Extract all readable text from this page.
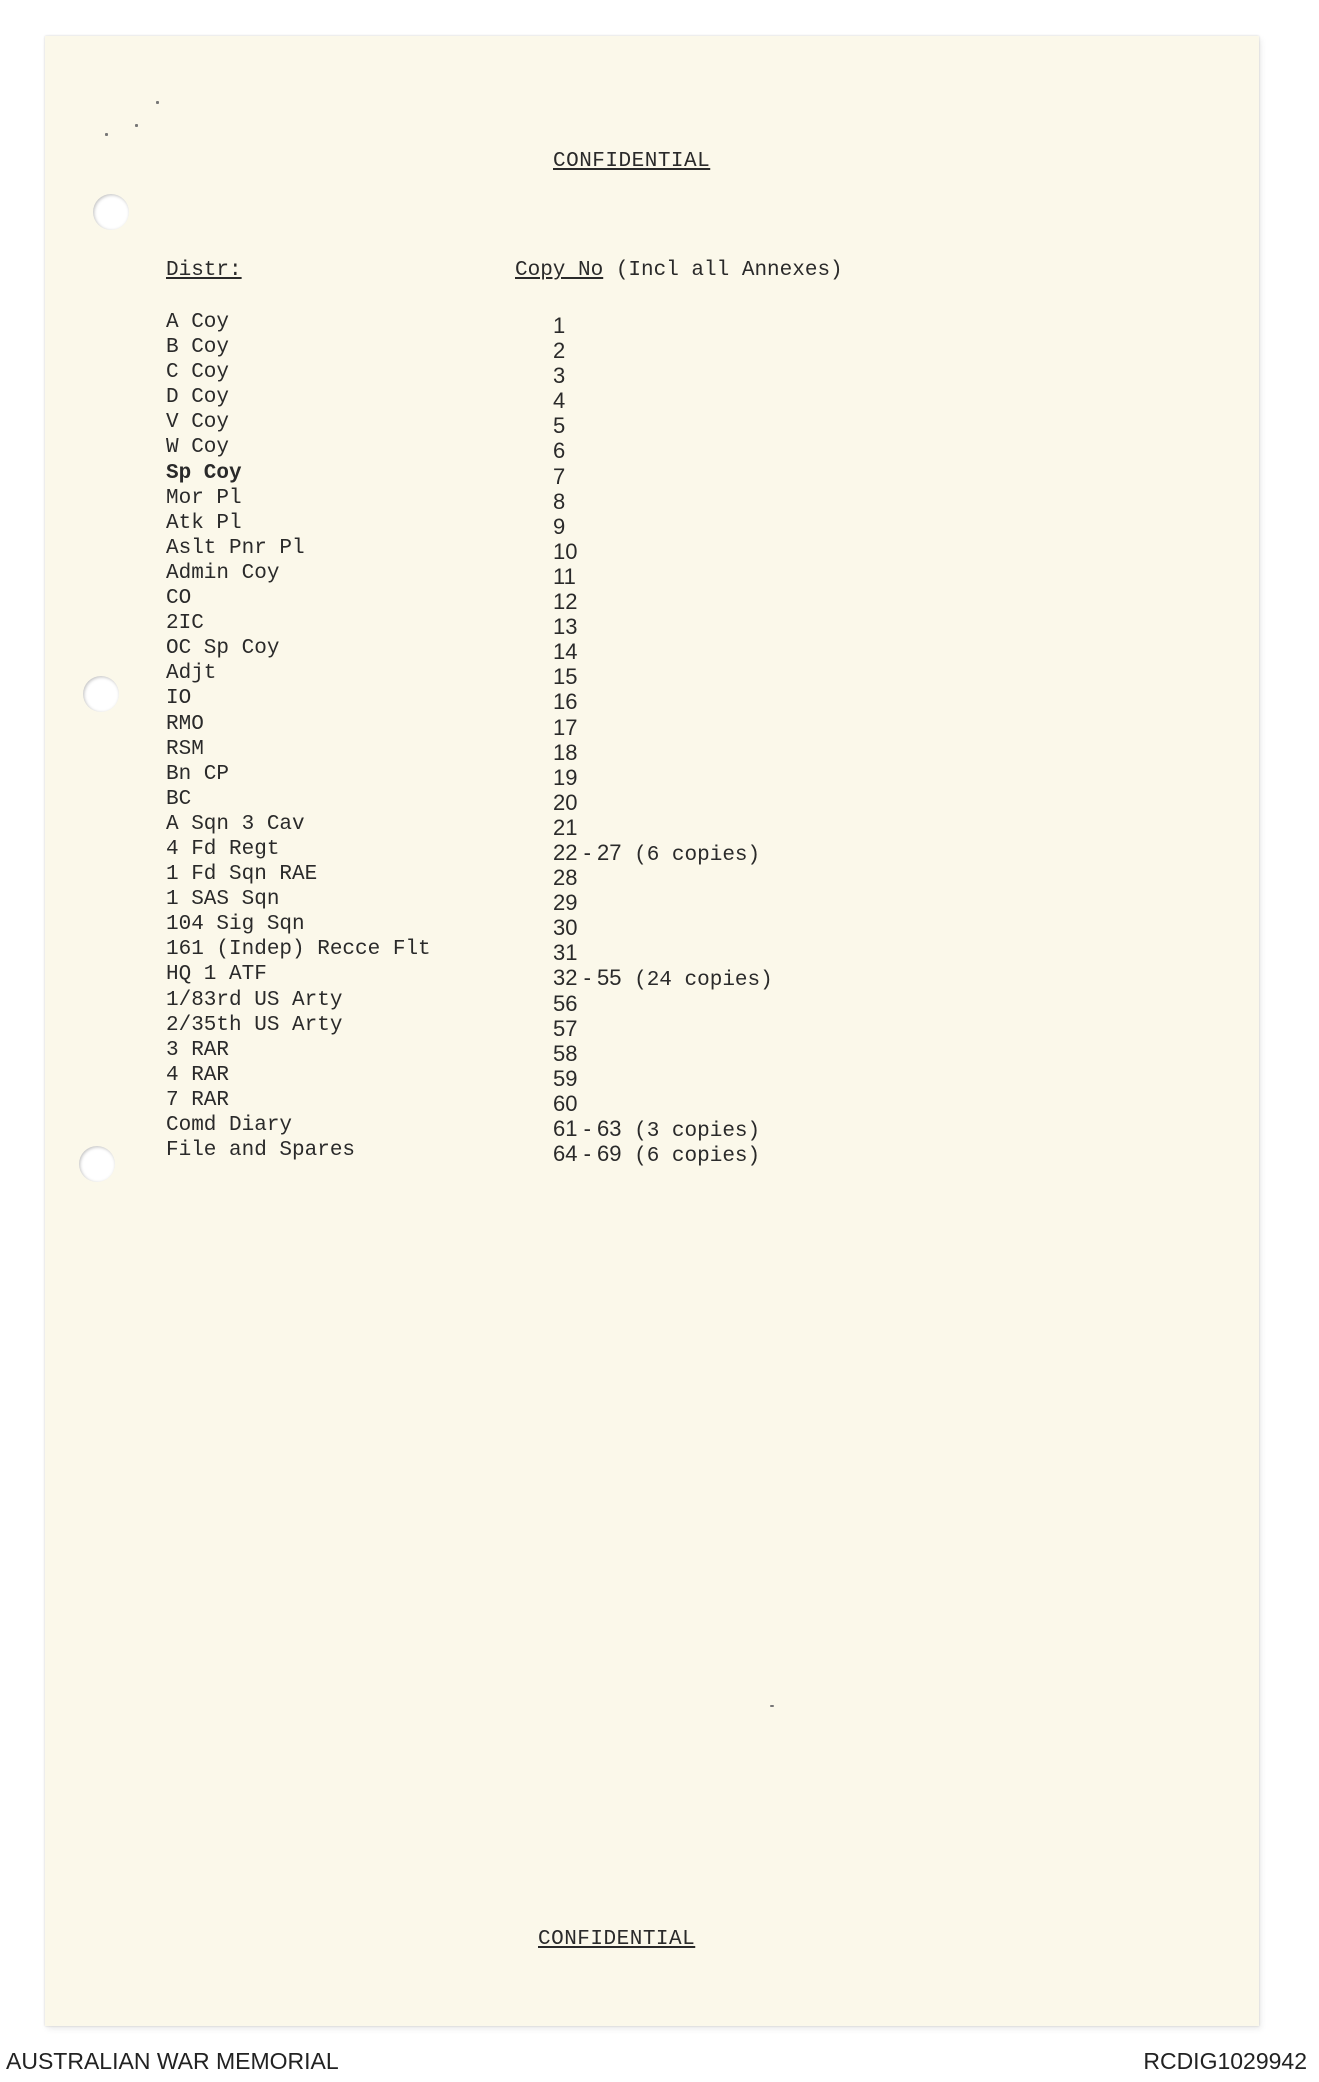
CONFIDENTIAL
Distr:	Copy No (Incl all Annexes)
A Coy	1
B Coy	2
C Coy	3
D Coy	4
V Coy	5
W Coy	6
Sp Coy	7
Mor Pl	8
Atk Pl	9
Aslt Pnr Pl	10
Admin Coy	11
CO	12
2IC	13
OC Sp Coy	14
Adjt	15
IO	16
RMO	17
RSM	18
Bn CP	19
BC	20
A Sqn 3 Cav	21
4 Fd Regt	22 - 27 (6 copies)
1 Fd Sqn RAE	28
1 SAS Sqn	29
104 Sig Sqn	30
161 (Indep) Recce Flt	31
HQ 1 ATF	32 - 55 (24 copies)
1/83rd US Arty	56
2/35th US Arty	57
3 RAR	58
4 RAR	59
7 RAR	60
Comd Diary	61 - 63 (3 copies)
File and Spares	64 - 69 (6 copies)
CONFIDENTIAL
AUSTRALIAN WAR MEMORIAL	RCDIG1029942
